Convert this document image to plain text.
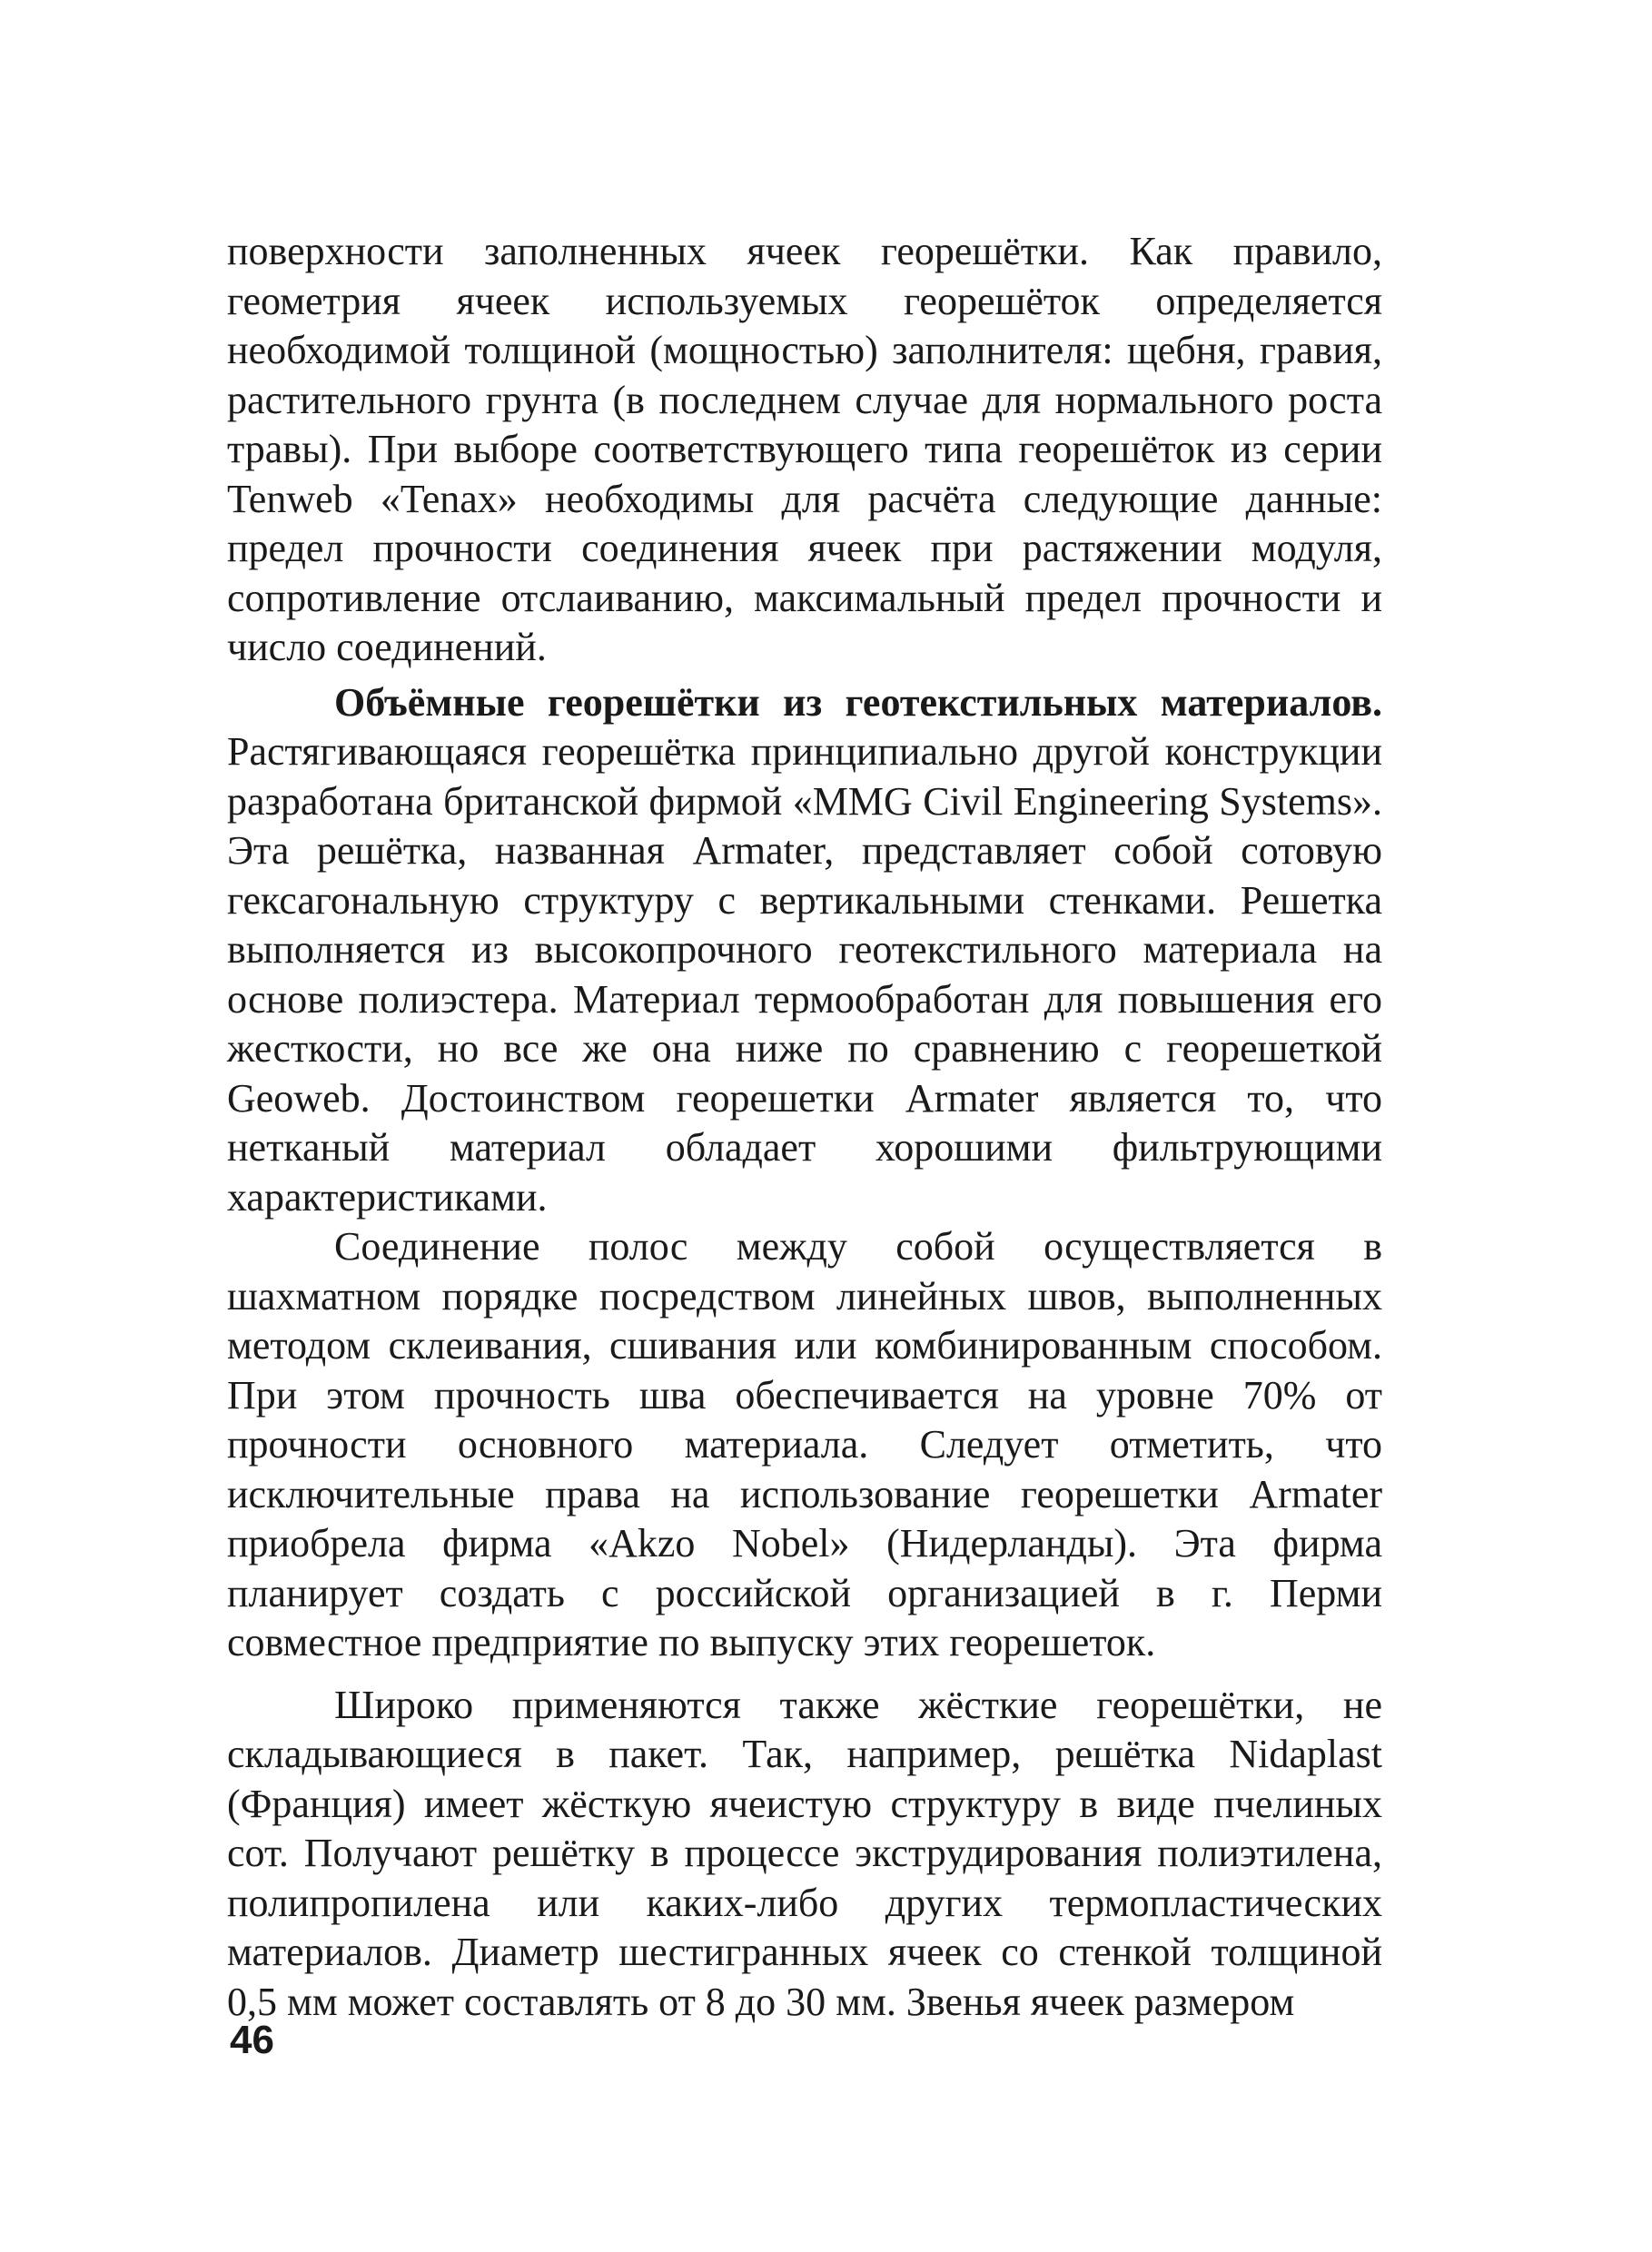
поверхности заполненных ячеек георешётки. Как правило, геометрия ячеек используемых георешёток определяется необходимой толщиной (мощностью) заполнителя: щебня, гравия, растительного грунта (в последнем случае для нормального роста травы). При выборе соответствующего типа георешёток из серии Tenweb «Tenax» необходимы для расчёта следующие данные: предел прочности соединения ячеек при растяжении модуля, сопротивление отслаиванию, максимальный предел прочности и число соединений.

Объёмные георешётки из геотекстильных материалов. Растягивающаяся георешётка принципиально другой конструкции разработана британской фирмой «MMG Civil Engineering Systems». Эта решётка, названная Armater, представляет собой сотовую гексагональную структуру с вертикальными стенками. Решетка выполняется из высокопрочного геотекстильного материала на основе полиэстера. Материал термообработан для повышения его жесткости, но все же она ниже по сравнению с георешеткой Geoweb. Достоинством георешетки Armater является то, что нетканый материал обладает хорошими фильтрующими характеристиками.

Соединение полос между собой осуществляется в шахматном порядке посредством линейных швов, выполненных методом склеивания, сшивания или комбинированным способом. При этом прочность шва обеспечивается на уровне 70% от прочности основного материала. Следует отметить, что исключительные права на использование георешетки Armater приобрела фирма «Akzo Nobel» (Нидерланды). Эта фирма планирует создать с российской организацией в г. Перми совместное предприятие по выпуску этих георешеток.

Широко применяются также жёсткие георешётки, не складывающиеся в пакет. Так, например, решётка Nidaplast (Франция) имеет жёсткую ячеистую структуру в виде пчелиных сот. Получают решётку в процессе экструдирования полиэтилена, полипропилена или каких-либо других термопластических материалов. Диаметр шестигранных ячеек со стенкой толщиной 0,5 мм может составлять от 8 до 30 мм. Звенья ячеек размером

46
